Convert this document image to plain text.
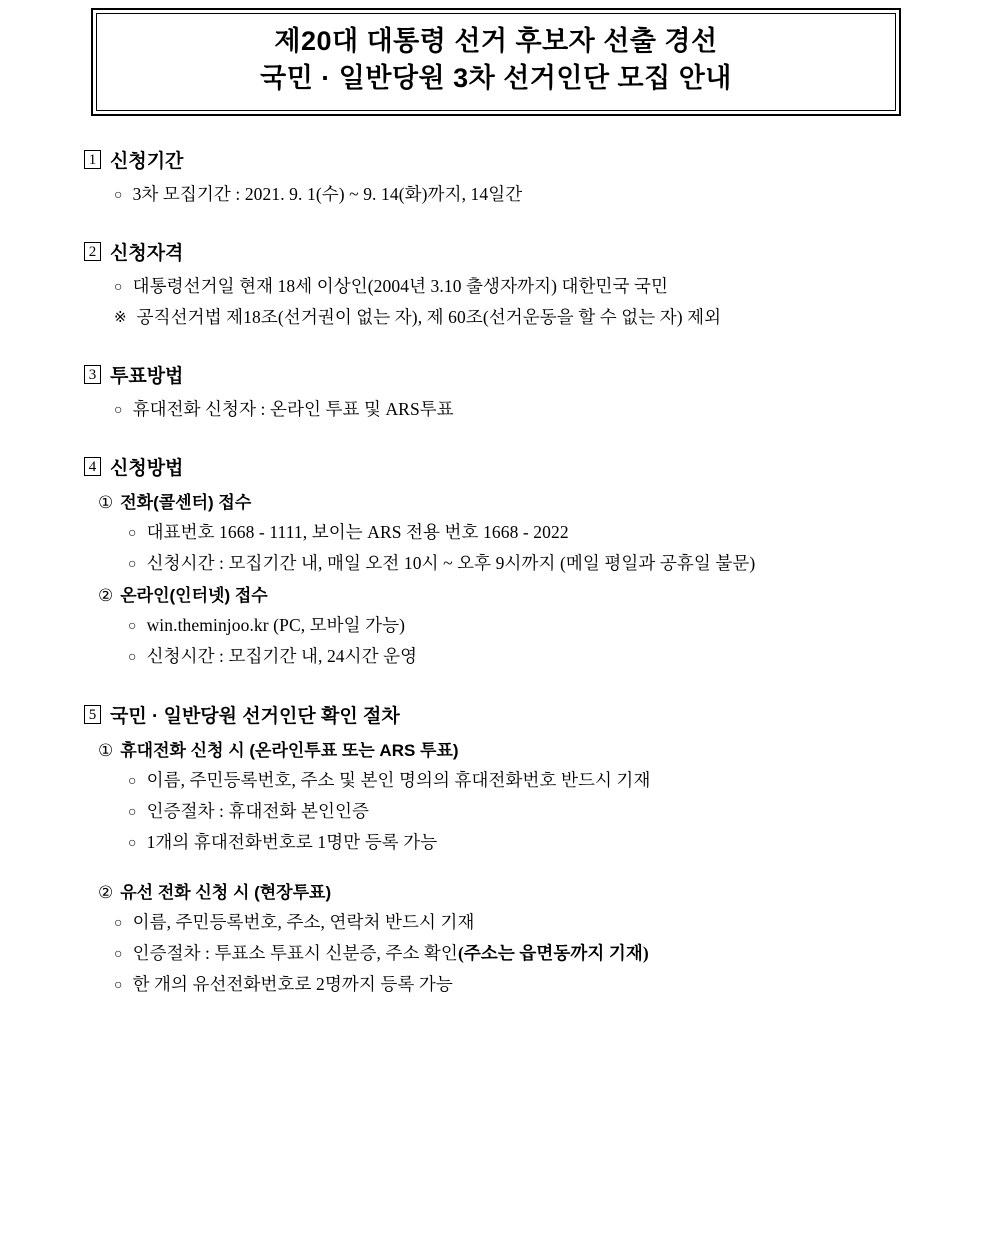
제20대 대통령 선거 후보자 선출 경선
국민 · 일반당원 3차 선거인단 모집 안내
1 신청기간
○ 3차 모집기간 : 2021. 9. 1(수) ~ 9. 14(화)까지, 14일간
2 신청자격
○ 대통령선거일 현재 18세 이상인(2004년 3.10 출생자까지) 대한민국 국민
※ 공직선거법 제18조(선거권이 없는 자), 제 60조(선거운동을 할 수 없는 자) 제외
3 투표방법
○ 휴대전화 신청자 : 온라인 투표 및 ARS투표
4 신청방법
① 전화(콜센터) 접수
○ 대표번호 1668 - 1111, 보이는 ARS 전용 번호 1668 - 2022
○ 신청시간 : 모집기간 내, 매일 오전 10시 ~ 오후 9시까지 (메일 평일과 공휴일 불문)
② 온라인(인터넷) 접수
○ win.theminjoo.kr (PC, 모바일 가능)
○ 신청시간 : 모집기간 내, 24시간 운영
5 국민 · 일반당원 선거인단 확인 절차
① 휴대전화 신청 시 (온라인투표 또는 ARS 투표)
○ 이름, 주민등록번호, 주소 및 본인 명의의 휴대전화번호 반드시 기재
○ 인증절차 : 휴대전화 본인인증
○ 1개의 휴대전화번호로 1명만 등록 가능
② 유선 전화 신청 시 (현장투표)
○ 이름, 주민등록번호, 주소, 연락처 반드시 기재
○ 인증절차 : 투표소 투표시 신분증, 주소 확인(주소는 읍면동까지 기재)
○ 한 개의 유선전화번호로 2명까지 등록 가능
